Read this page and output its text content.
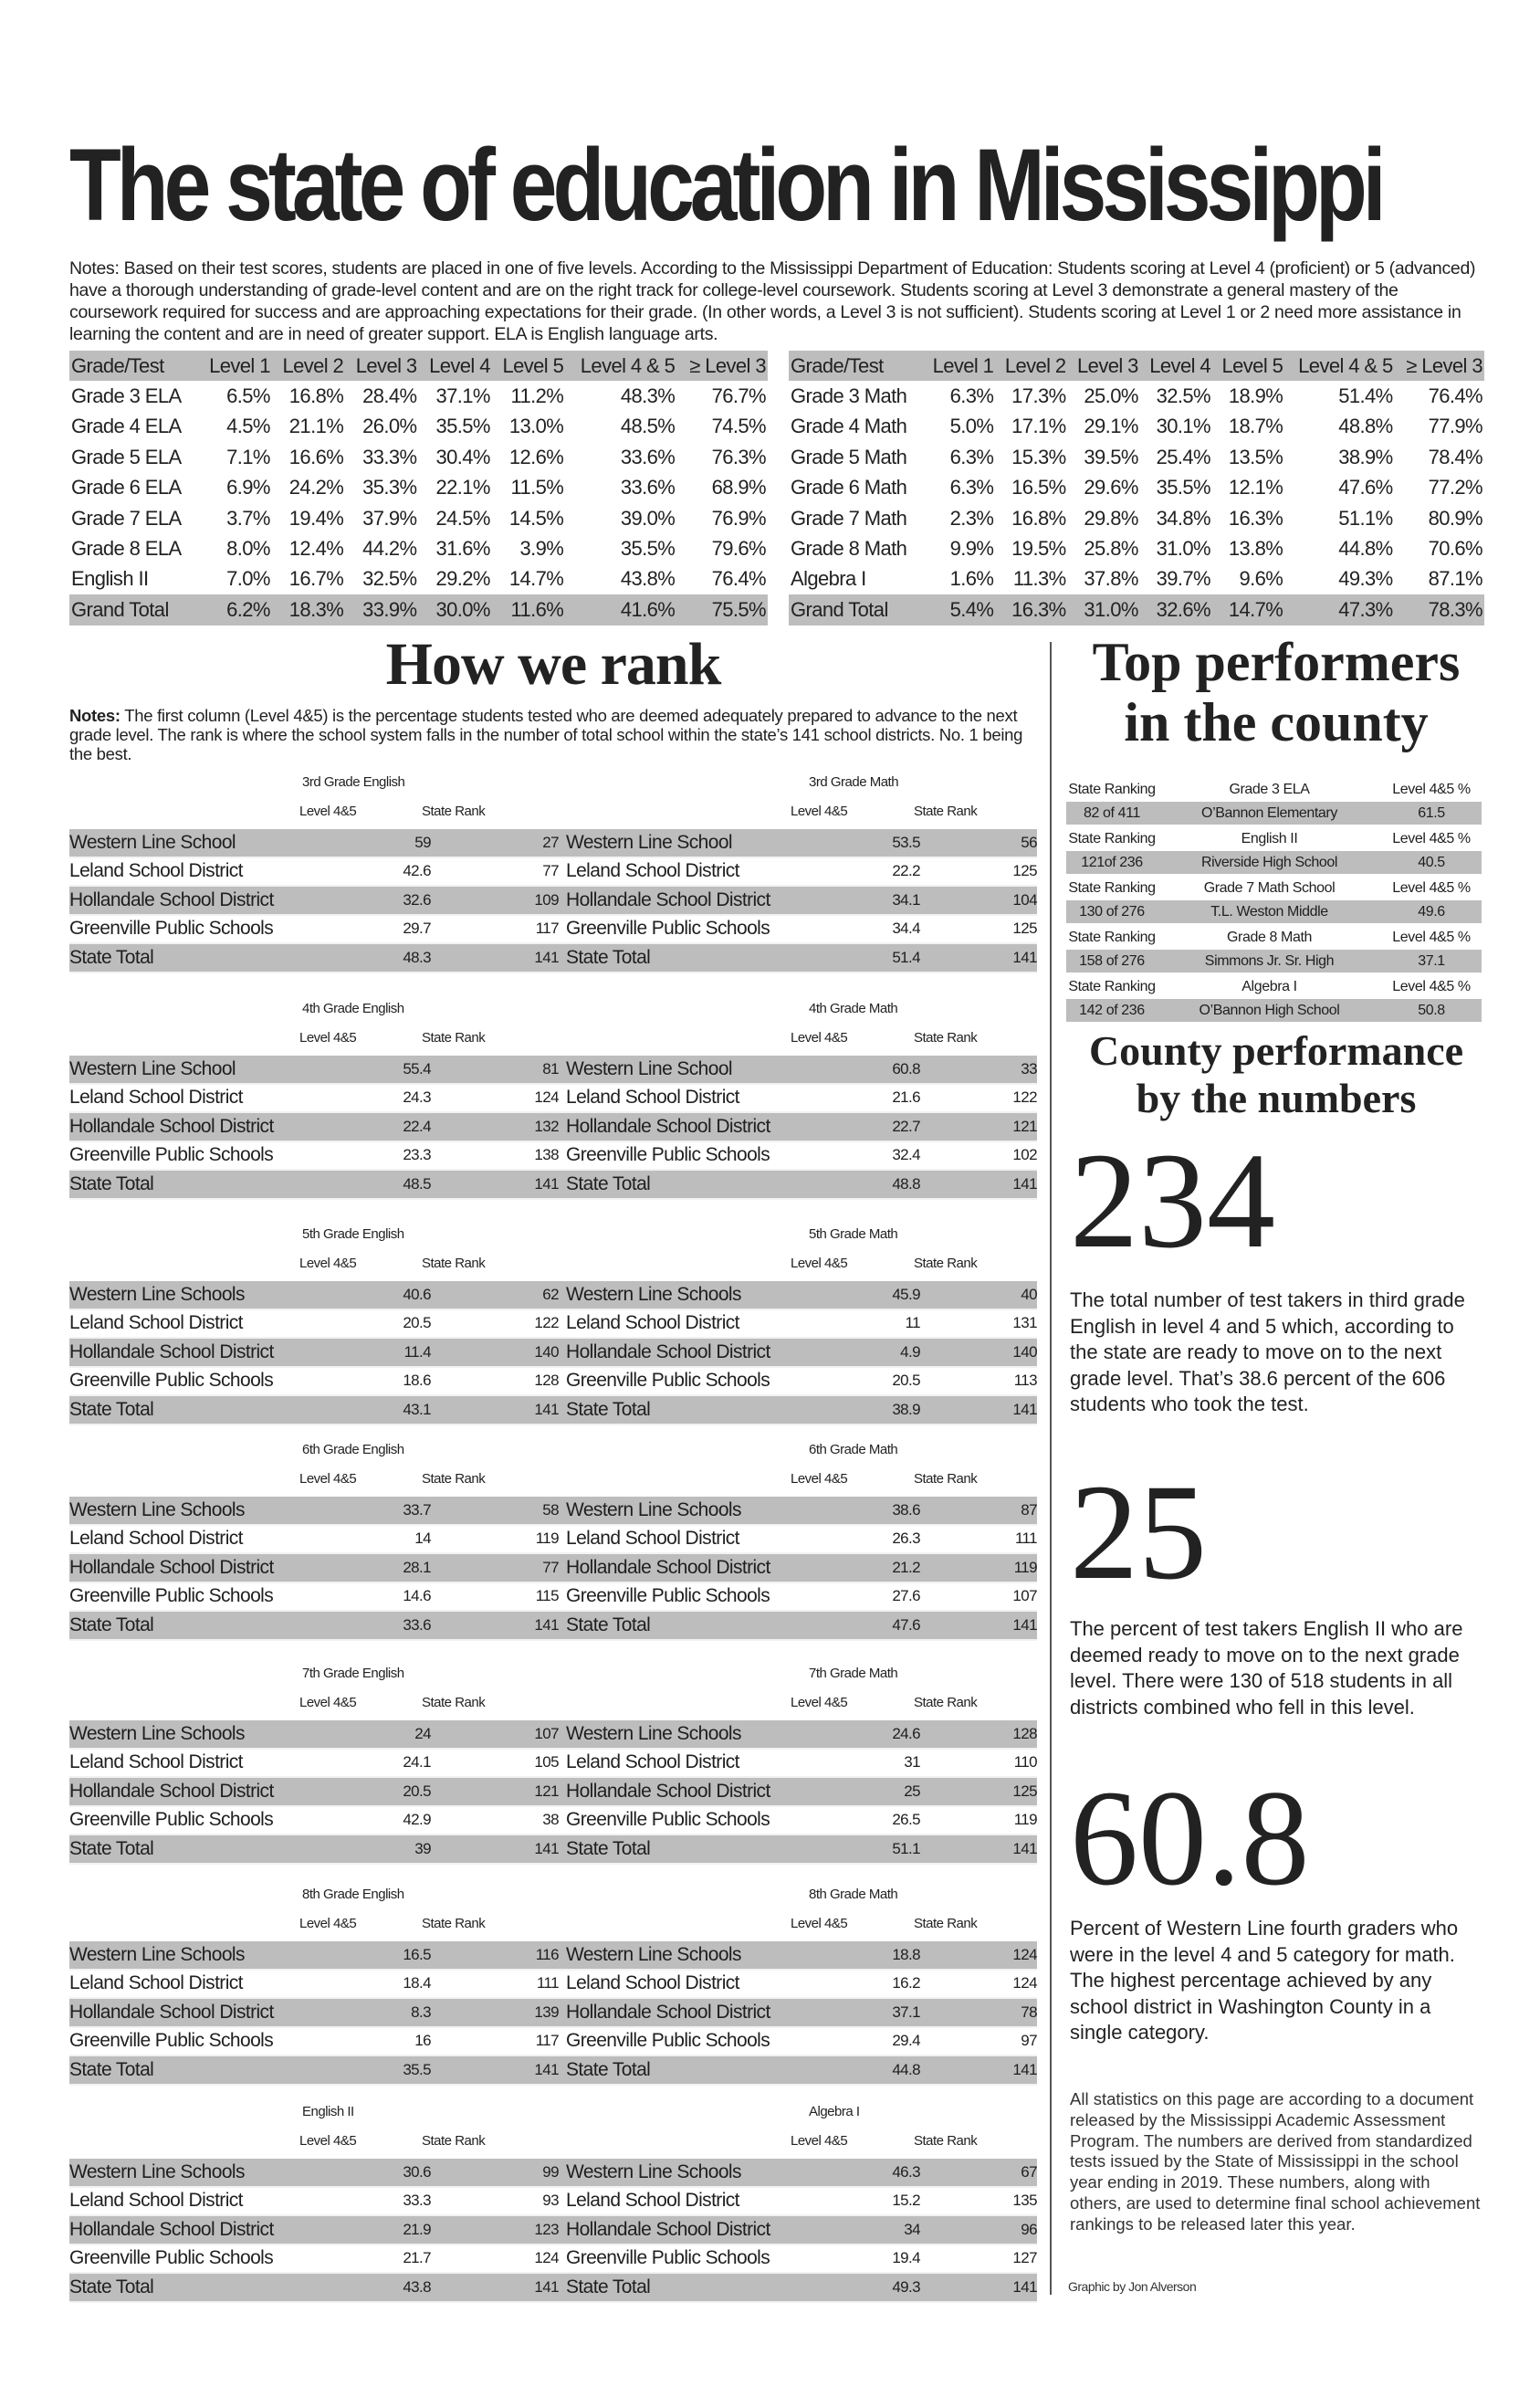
The state of education in Mississippi

Notes: Based on their test scores, students are placed in one of five levels. According to the Mississippi Department of Education: Students scoring at Level 4 (proficient) or 5 (advanced) have a thorough understanding of grade-level content and are on the right track for college-level coursework. Students scoring at Level 3 demonstrate a general mastery of the coursework required for success and are approaching expectations for their grade. (In other words, a Level 3 is not sufficient). Students scoring at Level 1 or 2 need more assistance in learning the content and are in need of greater support. ELA is English language arts.

Grade/Test	Level 1	Level 2	Level 3	Level 4	Level 5	Level 4 & 5	≥ Level 3
Grade 3 ELA	6.5%	16.8%	28.4%	37.1%	11.2%	48.3%	76.7%
Grade 4 ELA	4.5%	21.1%	26.0%	35.5%	13.0%	48.5%	74.5%
Grade 5 ELA	7.1%	16.6%	33.3%	30.4%	12.6%	33.6%	76.3%
Grade 6 ELA	6.9%	24.2%	35.3%	22.1%	11.5%	33.6%	68.9%
Grade 7 ELA	3.7%	19.4%	37.9%	24.5%	14.5%	39.0%	76.9%
Grade 8 ELA	8.0%	12.4%	44.2%	31.6%	3.9%	35.5%	79.6%
English II	7.0%	16.7%	32.5%	29.2%	14.7%	43.8%	76.4%
Grand Total	6.2%	18.3%	33.9%	30.0%	11.6%	41.6%	75.5%
Grade/Test	Level 1	Level 2	Level 3	Level 4	Level 5	Level 4 & 5	≥ Level 3
Grade 3 Math	6.3%	17.3%	25.0%	32.5%	18.9%	51.4%	76.4%
Grade 4 Math	5.0%	17.1%	29.1%	30.1%	18.7%	48.8%	77.9%
Grade 5 Math	6.3%	15.3%	39.5%	25.4%	13.5%	38.9%	78.4%
Grade 6 Math	6.3%	16.5%	29.6%	35.5%	12.1%	47.6%	77.2%
Grade 7 Math	2.3%	16.8%	29.8%	34.8%	16.3%	51.1%	80.9%
Grade 8 Math	9.9%	19.5%	25.8%	31.0%	13.8%	44.8%	70.6%
Algebra I	1.6%	11.3%	37.8%	39.7%	9.6%	49.3%	87.1%
Grand Total	5.4%	16.3%	31.0%	32.6%	14.7%	47.3%	78.3%
How we rank

Notes: The first column (Level 4&5) is the percentage students tested who are deemed adequately prepared to advance to the next grade level. The rank is where the school system falls in the number of total school within the state’s 141 school districts. No. 1 being the best.

3rd Grade English	3rd Grade Math
Level 4&5	State Rank	Level 4&5	State Rank
Western Line School	59	27 Western Line School	53.5	56
Leland School District	42.6	77 Leland School District	22.2	125
Hollandale School District	32.6	109 Hollandale School District	34.1	104
Greenville Public Schools	29.7	117 Greenville Public Schools	34.4	125
State Total	48.3	141 State Total	51.4	141
4th Grade English	4th Grade Math
Level 4&5	State Rank	Level 4&5	State Rank
Western Line School	55.4	81 Western Line School	60.8	33
Leland School District	24.3	124 Leland School District	21.6	122
Hollandale School District	22.4	132 Hollandale School District	22.7	121
Greenville Public Schools	23.3	138 Greenville Public Schools	32.4	102
State Total	48.5	141 State Total	48.8	141
5th Grade English	5th Grade Math
Level 4&5	State Rank	Level 4&5	State Rank
Western Line Schools	40.6	62 Western Line Schools	45.9	40
Leland School District	20.5	122 Leland School District	11	131
Hollandale School District	11.4	140 Hollandale School District	4.9	140
Greenville Public Schools	18.6	128 Greenville Public Schools	20.5	113
State Total	43.1	141 State Total	38.9	141
6th Grade English	6th Grade Math
Level 4&5	State Rank	Level 4&5	State Rank
Western Line Schools	33.7	58 Western Line Schools	38.6	87
Leland School District	14	119 Leland School District	26.3	111
Hollandale School District	28.1	77 Hollandale School District	21.2	119
Greenville Public Schools	14.6	115 Greenville Public Schools	27.6	107
State Total	33.6	141 State Total	47.6	141
7th Grade English	7th Grade Math
Level 4&5	State Rank	Level 4&5	State Rank
Western Line Schools	24	107 Western Line Schools	24.6	128
Leland School District	24.1	105 Leland School District	31	110
Hollandale School District	20.5	121 Hollandale School District	25	125
Greenville Public Schools	42.9	38 Greenville Public Schools	26.5	119
State Total	39	141 State Total	51.1	141
8th Grade English	8th Grade Math
Level 4&5	State Rank	Level 4&5	State Rank
Western Line Schools	16.5	116 Western Line Schools	18.8	124
Leland School District	18.4	111 Leland School District	16.2	124
Hollandale School District	8.3	139 Hollandale School District	37.1	78
Greenville Public Schools	16	117 Greenville Public Schools	29.4	97
State Total	35.5	141 State Total	44.8	141
English II	Algebra I
Level 4&5	State Rank	Level 4&5	State Rank
Western Line Schools	30.6	99 Western Line Schools	46.3	67
Leland School District	33.3	93 Leland School District	15.2	135
Hollandale School District	21.9	123 Hollandale School District	34	96
Greenville Public Schools	21.7	124 Greenville Public Schools	19.4	127
State Total	43.8	141 State Total	49.3	141
Top performers
in the county
State Ranking	Grade 3 ELA	Level 4&5 %
82 of 411	O’Bannon Elementary	61.5
State Ranking	English II	Level 4&5 %
121of 236	Riverside High School	40.5
State Ranking	Grade 7 Math School	Level 4&5 %
130 of 276	T.L. Weston Middle	49.6
State Ranking	Grade 8 Math	Level 4&5 %
158 of 276	Simmons Jr. Sr. High	37.1
State Ranking	Algebra I	Level 4&5 %
142 of 236	O’Bannon High School	50.8
County performance
by the numbers
234

The total number of test takers in third grade English in level 4 and 5 which, according to the state are ready to move on to the next grade level. That’s 38.6 percent of the 606 students who took the test.

25

The percent of test takers English II who are deemed ready to move on to the next grade level. There were 130 of 518 students in all districts combined who fell in this level.

60.8

Percent of Western Line fourth graders who were in the level 4 and 5 category for math. The highest percentage achieved by any school district in Washington County in a single category.

All statistics on this page are according to a document released by the Mississippi Academic Assessment Program. The numbers are derived from standardized tests issued by the State of Mississippi in the school year ending in 2019. These numbers, along with others, are used to determine final school achievement rankings to be released later this year.

Graphic by Jon Alverson
